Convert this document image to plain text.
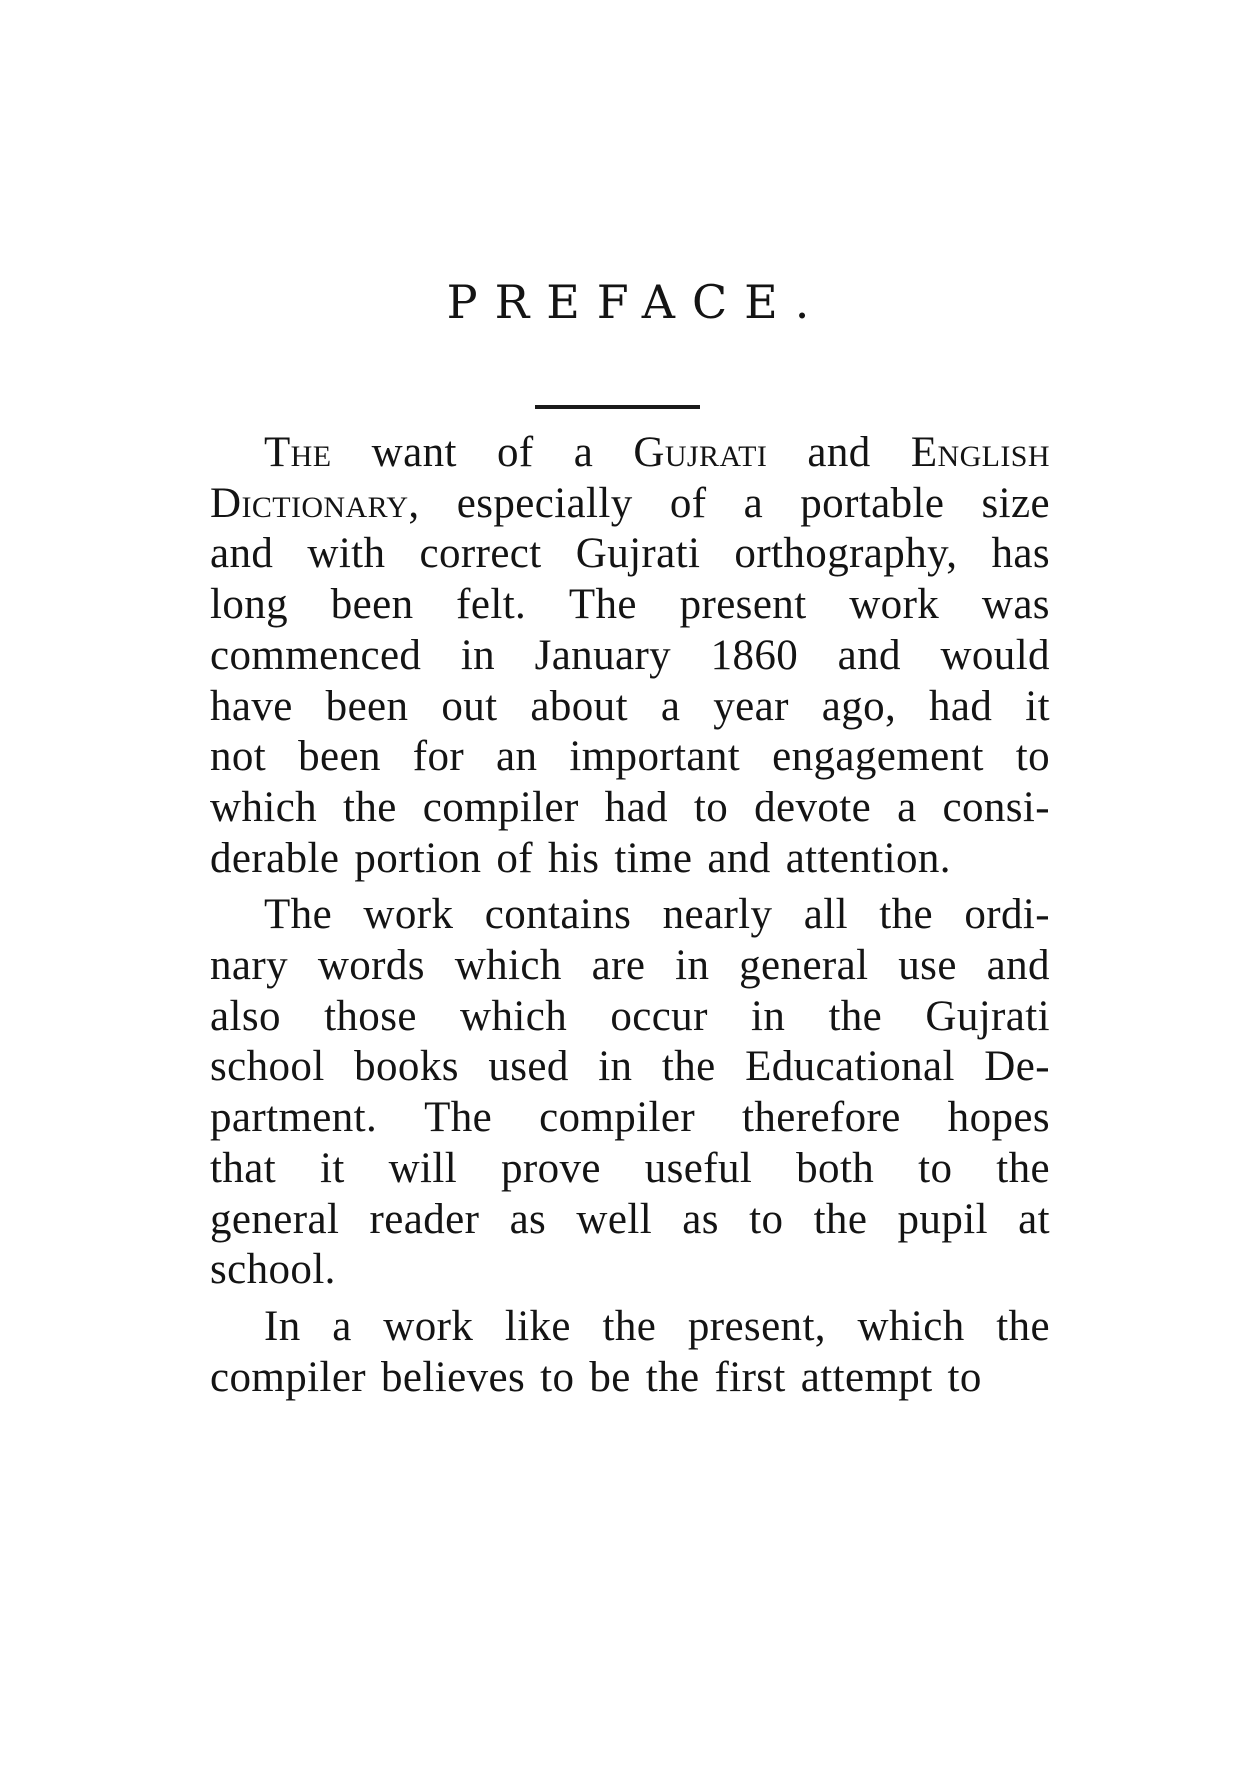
PREFACE.
The want of a Gujrati and English
Dictionary, especially of a portable size
and with correct Gujrati orthography, has
long been felt. The present work was
commenced in January 1860 and would
have been out about a year ago, had it
not been for an important engagement to
which the compiler had to devote a consi-
derable portion of his time and attention.
The work contains nearly all the ordi-
nary words which are in general use and
also those which occur in the Gujrati
school books used in the Educational De-
partment. The compiler therefore hopes
that it will prove useful both to the
general reader as well as to the pupil at
school.
In a work like the present, which the
compiler believes to be the first attempt to
